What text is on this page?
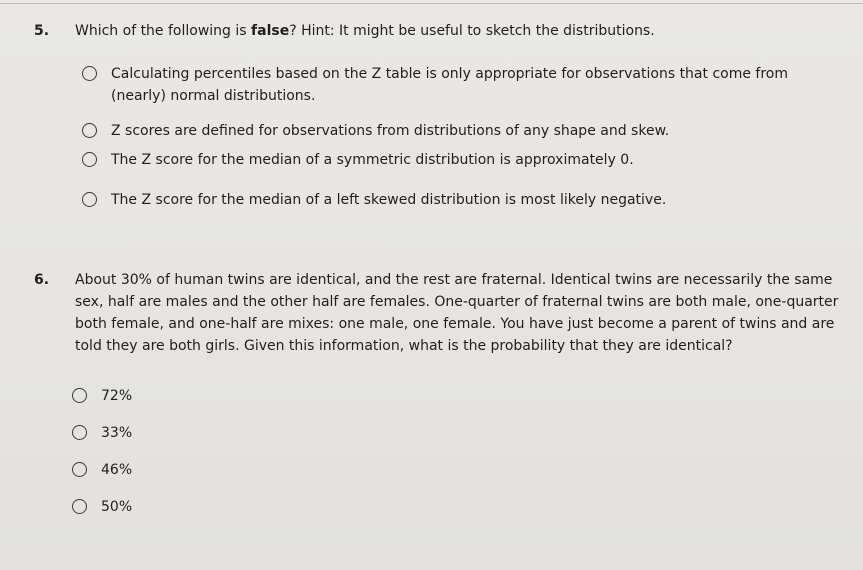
5. Which of the following is false? Hint: It might be useful to sketch the distributions.
Calculating percentiles based on the Z table is only appropriate for observations that come from
(nearly) normal distributions.
Z scores are defined for observations from distributions of any shape and skew.
The Z score for the median of a symmetric distribution is approximately 0.
The Z score for the median of a left skewed distribution is most likely negative.
6. About 30% of human twins are identical, and the rest are fraternal. Identical twins are necessarily the same
sex, half are males and the other half are females. One-quarter of fraternal twins are both male, one-quarter
both female, and one-half are mixes: one male, one female. You have just become a parent of twins and are
told they are both girls. Given this information, what is the probability that they are identical?
72%
33%
46%
50%
